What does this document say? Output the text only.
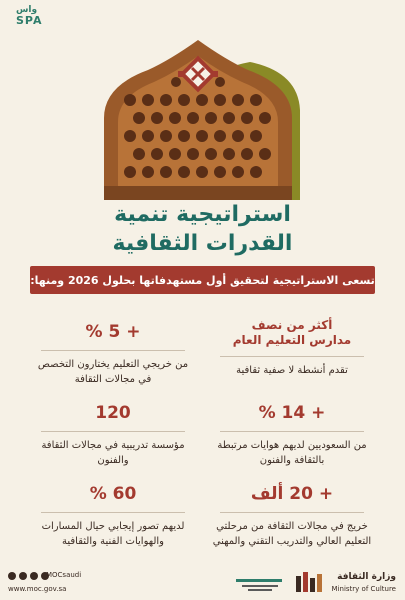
واس
SPA
استراتيجية تنمية
القدرات الثقافية
تسعى الاستراتيجية لتحقيق أول مستهدفاتها بحلول 2026 ومنها:
أكثر من نصف
مدارس التعليم العام
تقدم أنشطة لا صفية ثقافية
+ 5 %
من خريجي التعليم يختارون التخصص في مجالات الثقافة
+ 14 %
من السعوديين لديهم هوايات مرتبطة بالثقافة والفنون
120
مؤسسة تدريبية في مجالات الثقافة والفنون
+ 20 ألف
خريج في مجالات الثقافة من مرحلتي التعليم العالي والتدريب التقني والمهني
60 %
لديهم تصور إيجابي حيال المسارات والهوايات الفنية والثقافية
MOCsaudi
www.moc.gov.sa
وزارة الثقافة
Ministry of Culture
